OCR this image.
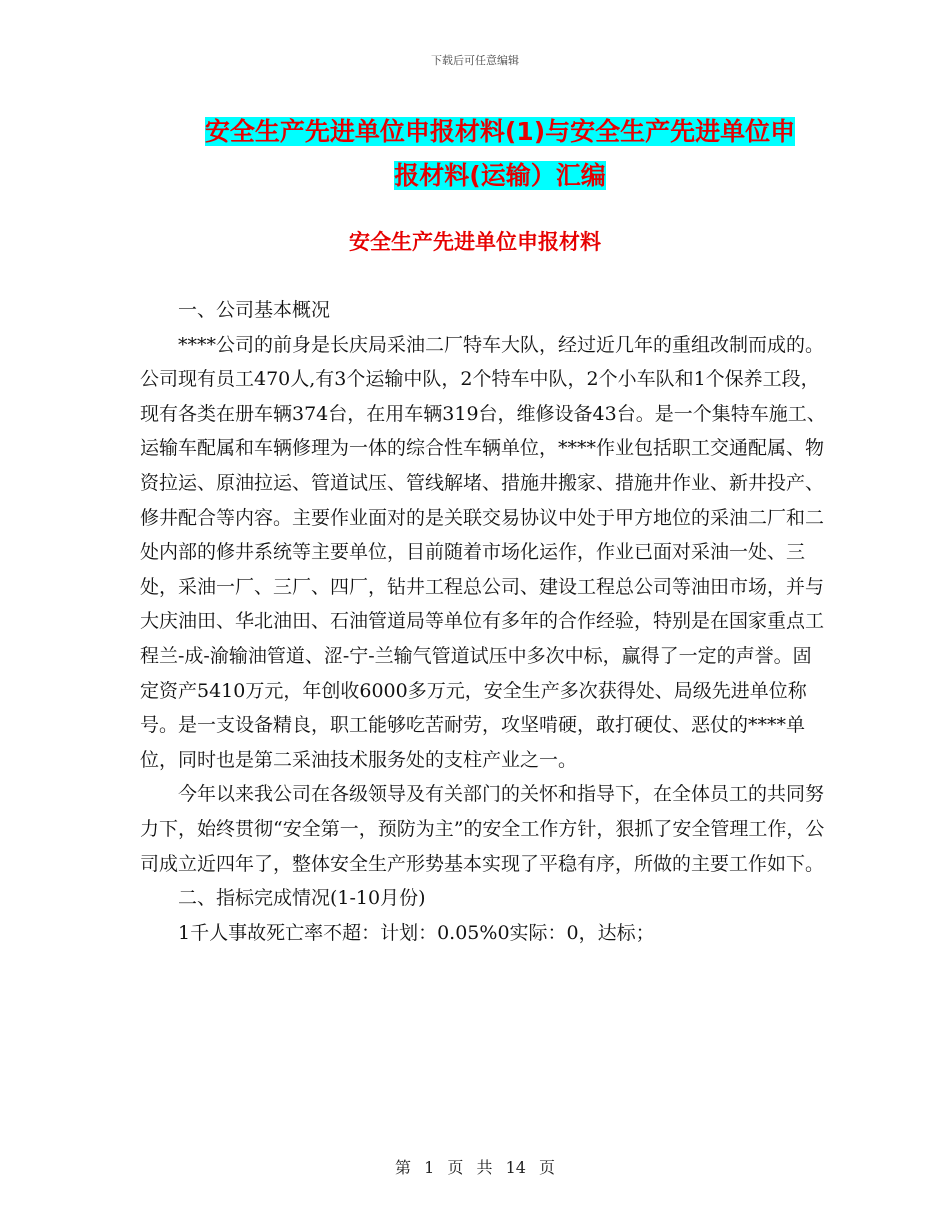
下载后可任意编辑
安全生产先进单位申报材料(1)与安全生产先进单位申
报材料(运输）汇编
安全生产先进单位申报材料

一、公司基本概况

****公司的前身是长庆局采油二厂特车大队，经过近几年的重组改制而成的。公司现有员工470人,有3个运输中队，2个特车中队，2个小车队和1个保养工段，现有各类在册车辆374台，在用车辆319台，维修设备43台。是一个集特车施工、运输车配属和车辆修理为一体的综合性车辆单位，****作业包括职工交通配属、物资拉运、原油拉运、管道试压、管线解堵、措施井搬家、措施井作业、新井投产、修井配合等内容。主要作业面对的是关联交易协议中处于甲方地位的采油二厂和二处内部的修井系统等主要单位，目前随着市场化运作，作业已面对采油一处、三处，采油一厂、三厂、四厂，钻井工程总公司、建设工程总公司等油田市场，并与大庆油田、华北油田、石油管道局等单位有多年的合作经验，特别是在国家重点工程兰-成-渝输油管道、涩-宁-兰输气管道试压中多次中标，赢得了一定的声誉。固定资产5410万元，年创收6000多万元，安全生产多次获得处、局级先进单位称号。是一支设备精良，职工能够吃苦耐劳，攻坚啃硬，敢打硬仗、恶仗的****单位，同时也是第二采油技术服务处的支柱产业之一。

今年以来我公司在各级领导及有关部门的关怀和指导下，在全体员工的共同努力下，始终贯彻“安全第一，预防为主”的安全工作方针，狠抓了安全管理工作，公司成立近四年了，整体安全生产形势基本实现了平稳有序，所做的主要工作如下。

二、指标完成情况(1-10月份)

1千人事故死亡率不超：计划：0.05%0实际：0，达标；

第 1 页 共 14 页
